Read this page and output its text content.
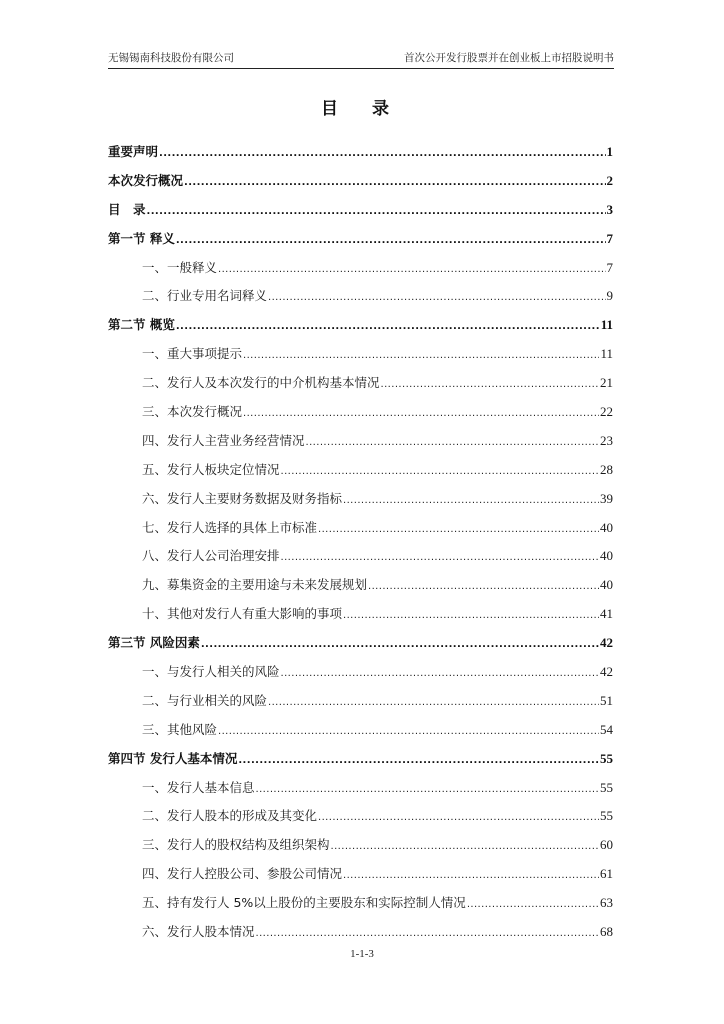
无锡锡南科技股份有限公司	首次公开发行股票并在创业板上市招股说明书
目 录
重要声明 .....	1
本次发行概况 .....	2
目　录 .....	3
第一节 释义 .....	7
一、一般释义 .....	7
二、行业专用名词释义 .....	9
第二节 概览 .....	11
一、重大事项提示 .....	11
二、发行人及本次发行的中介机构基本情况 .....	21
三、本次发行概况 .....	22
四、发行人主营业务经营情况 .....	23
五、发行人板块定位情况 .....	28
六、发行人主要财务数据及财务指标 .....	39
七、发行人选择的具体上市标准 .....	40
八、发行人公司治理安排 .....	40
九、募集资金的主要用途与未来发展规划 .....	40
十、其他对发行人有重大影响的事项 .....	41
第三节 风险因素 .....	42
一、与发行人相关的风险 .....	42
二、与行业相关的风险 .....	51
三、其他风险 .....	54
第四节 发行人基本情况 .....	55
一、发行人基本信息 .....	55
二、发行人股本的形成及其变化 .....	55
三、发行人的股权结构及组织架构 .....	60
四、发行人控股公司、参股公司情况 .....	61
五、持有发行人 5%以上股份的主要股东和实际控制人情况 .....	63
六、发行人股本情况 .....	68
1-1-3
